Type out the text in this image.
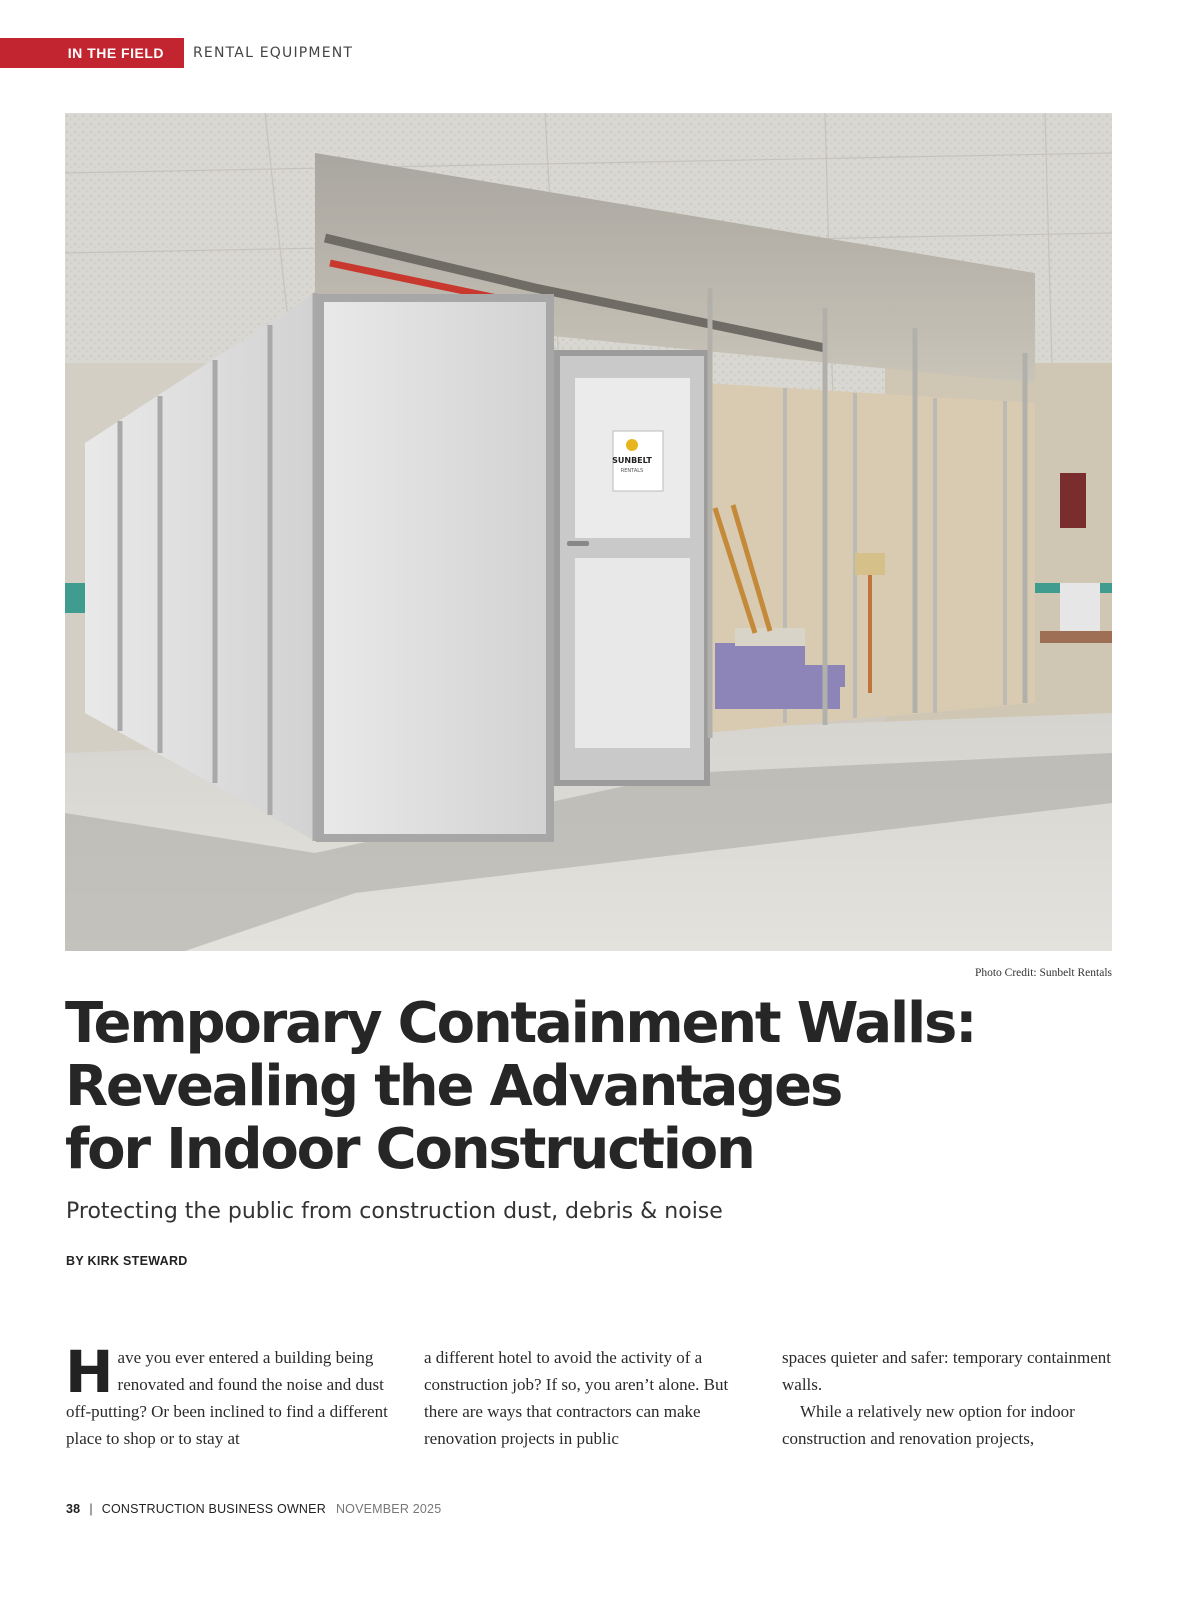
IN THE FIELD	RENTAL EQUIPMENT
SUNBELT
RENTALS
Photo Credit: Sunbelt Rentals
Temporary Containment Walls:
Revealing the Advantages
for Indoor Construction
Protecting the public from construction dust, debris & noise
BY KIRK STEWARD

Have you ever entered a building being renovated and found the noise and dust off-putting? Or been inclined to find a different place to shop or to stay at

a different hotel to avoid the activity of a construction job? If so, you aren’t alone. But there are ways that contractors can make renovation projects in public

spaces quieter and safer: temporary containment walls.

While a relatively new option for indoor construction and renovation projects,

38 | CONSTRUCTION BUSINESS OWNER NOVEMBER 2025
